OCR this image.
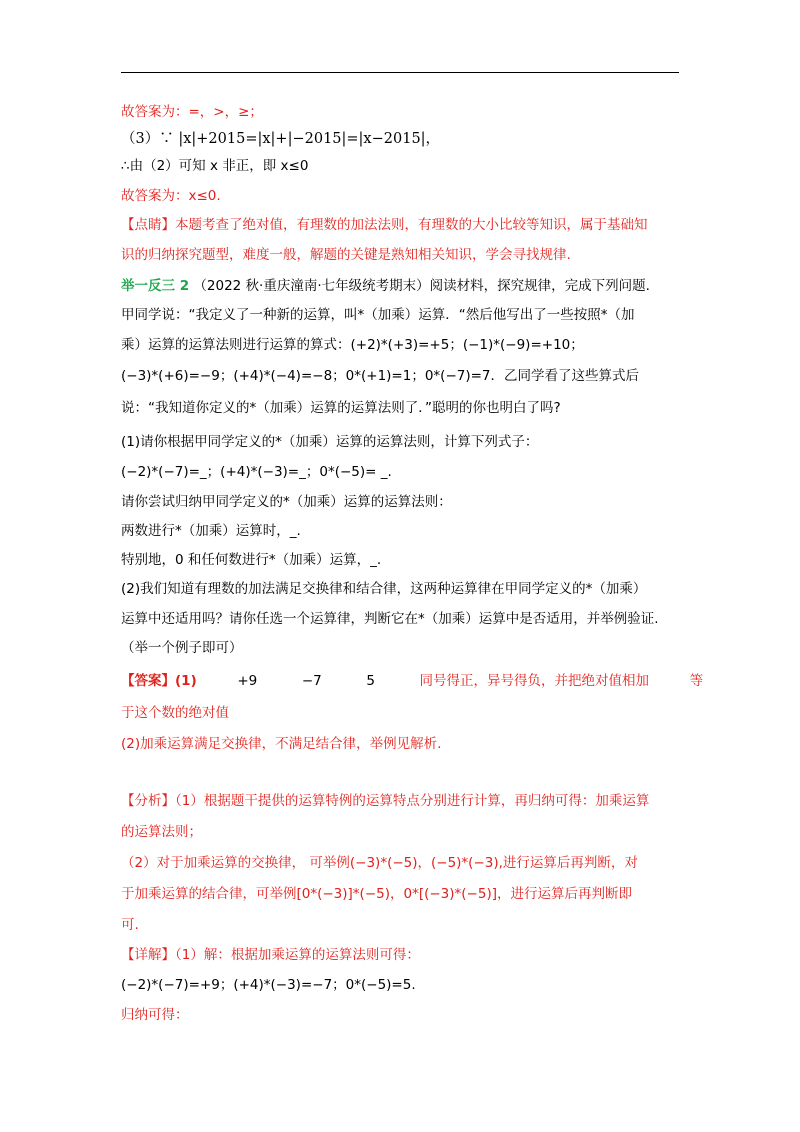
故答案为：=，>，≥；
（3）∵ |x|+2015=|x|+|−2015|=|x−2015|，
∴由（2）可知 x 非正，即 x≤0
故答案为：x≤0.
【点睛】本题考查了绝对值，有理数的加法法则，有理数的大小比较等知识，属于基础知
识的归纳探究题型，难度一般，解题的关键是熟知相关知识，学会寻找规律.
举一反三 2 （2022 秋·重庆潼南·七年级统考期末）阅读材料，探究规律，完成下列问题.
甲同学说：“我定义了一种新的运算，叫*（加乘）运算．“然后他写出了一些按照*（加
乘）运算的运算法则进行运算的算式：(+2)*(+3)=+5；(−1)*(−9)=+10；
(−3)*(+6)=−9；(+4)*(−4)=−8；0*(+1)=1；0*(−7)=7．乙同学看了这些算式后
说：“我知道你定义的*（加乘）运算的运算法则了．”聪明的你也明白了吗?
(1)请你根据甲同学定义的*（加乘）运算的运算法则，计算下列式子：
(−2)*(−7)=_；(+4)*(−3)=_；0*(−5)= _.
请你尝试归纳甲同学定义的*（加乘）运算的运算法则：
两数进行*（加乘）运算时，_.
特别地，0 和任何数进行*（加乘）运算，_.
(2)我们知道有理数的加法满足交换律和结合律，这两种运算律在甲同学定义的*（加乘）
运算中还适用吗？请你任选一个运算律，判断它在*（加乘）运算中是否适用，并举例验证.
（举一个例子即可）
【答案】(1)	+9	−7	5	同号得正，异号得负，并把绝对值相加	等
于这个数的绝对值
(2)加乘运算满足交换律，不满足结合律，举例见解析.
【分析】（1）根据题干提供的运算特例的运算特点分别进行计算，再归纳可得：加乘运算
的运算法则；
（2）对于加乘运算的交换律， 可举例(−3)*(−5)，(−5)*(−3),进行运算后再判断，对
于加乘运算的结合律，可举例[0*(−3)]*(−5)，0*[(−3)*(−5)]，进行运算后再判断即
可.
【详解】（1）解：根据加乘运算的运算法则可得：
(−2)*(−7)=+9；(+4)*(−3)=−7；0*(−5)=5.
归纳可得：
